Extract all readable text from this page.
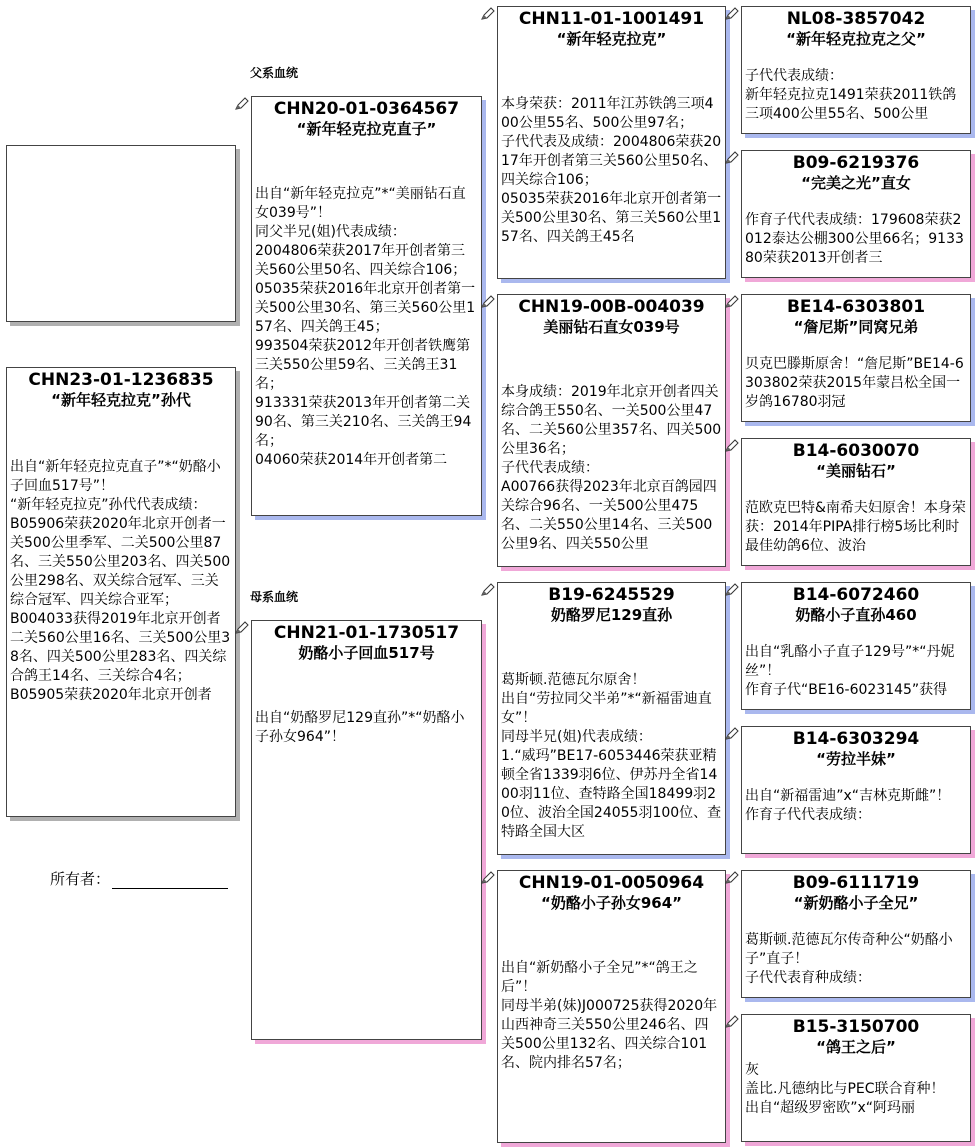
父系血统
母系血统
CHN23-01-1236835
“新年轻克拉克”孙代
出自“新年轻克拉克直子”*“奶酪小子回血517号”！
“新年轻克拉克”孙代代表成绩：
B05906荣获2020年北京开创者一关500公里季军、二关500公里87名、三关550公里203名、四关500公里298名、双关综合冠军、三关综合冠军、四关综合亚军；
B004033获得2019年北京开创者二关560公里16名、三关500公里38名、四关500公里283名、四关综合鸽王14名、三关综合4名；
B05905荣获2020年北京开创者
所有者：
CHN20-01-0364567
“新年轻克拉克直子”
出自“新年轻克拉克”*“美丽钻石直女039号”！
同父半兄(姐)代表成绩：
2004806荣获2017年开创者第三关560公里50名、四关综合106；
05035荣获2016年北京开创者第一关500公里30名、第三关560公里157名、四关鸽王45；
993504荣获2012年开创者铁鹰第三关550公里59名、三关鸽王31名；
913331荣获2013年开创者第二关90名、第三关210名、三关鸽王94名；
04060荣获2014年开创者第二
CHN21-01-1730517
奶酪小子回血517号
出自“奶酪罗尼129直孙”*“奶酪小子孙女964”！
CHN11-01-1001491
“新年轻克拉克”
本身荣获：2011年江苏铁鸽三项400公里55名、500公里97名；
子代代表及成绩：2004806荣获2017年开创者第三关560公里50名、四关综合106；
05035荣获2016年北京开创者第一关500公里30名、第三关560公里157名、四关鸽王45名
CHN19-00B-004039
美丽钻石直女039号
本身成绩：2019年北京开创者四关综合鸽王550名、一关500公里47名、二关560公里357名、四关500公里36名；
子代代表成绩：
A00766获得2023年北京百鸽园四关综合96名、一关500公里475名、二关550公里14名、三关500公里9名、四关550公里
B19-6245529
奶酪罗尼129直孙
葛斯顿.范德瓦尔原舍！
出自“劳拉同父半弟”*“新福雷迪直女”！
同母半兄(姐)代表成绩：
1.“威玛”BE17-6053446荣获亚精顿全省1339羽6位、伊苏丹全省1400羽11位、查特路全国18499羽20位、波治全国24055羽100位、查特路全国大区
CHN19-01-0050964
“奶酪小子孙女964”
出自“新奶酪小子全兄”*“鸽王之后”！
同母半弟(妹)J000725获得2020年山西神奇三关550公里246名、四关500公里132名、四关综合101名、院内排名57名；
NL08-3857042
“新年轻克拉克之父”
子代代表成绩：
新年轻克拉克1491荣获2011铁鸽三项400公里55名、500公里
B09-6219376
“完美之光”直女
作育子代代表成绩：179608荣获2012泰达公棚300公里66名；913380荣获2013开创者三
BE14-6303801
“詹尼斯”同窝兄弟
贝克巴滕斯原舍！“詹尼斯”BE14-6303802荣获2015年蒙吕松全国一岁鸽16780羽冠
B14-6030070
“美丽钻石”
范欧克巴特&南希夫妇原舍！本身荣获：2014年PIPA排行榜5场比利时最佳幼鸽6位、波治
B14-6072460
奶酪小子直孙460
出自“乳酪小子直子129号”*“丹妮丝”！
作育子代“BE16-6023145”获得
B14-6303294
“劳拉半妹”
出自“新福雷迪”x“吉林克斯雌”！
作育子代代表成绩：
B09-6111719
“新奶酪小子全兄”
葛斯顿.范德瓦尔传奇种公“奶酪小子”直子！
子代代表育种成绩：
B15-3150700
“鸽王之后”
灰
盖比.凡德纳比与PEC联合育种！
出自“超级罗密欧”x“阿玛丽
